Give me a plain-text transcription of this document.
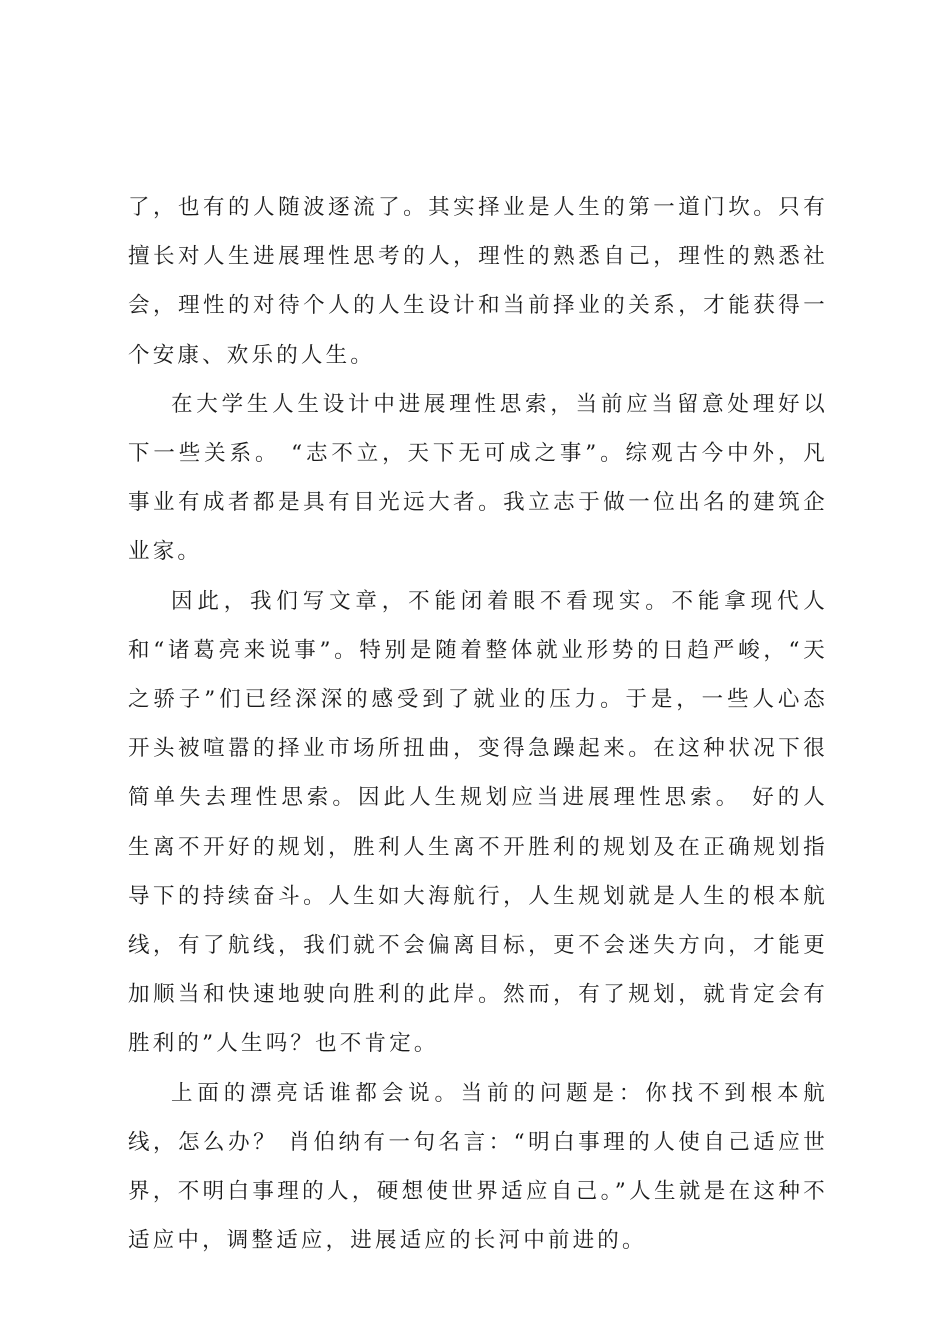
了，也有的人随波逐流了。其实择业是人生的第一道门坎。只有擅长对人生进展理性思考的人，理性的熟悉自己，理性的熟悉社会，理性的对待个人的人生设计和当前择业的关系，才能获得一个安康、欢乐的人生。

在大学生人生设计中进展理性思索，当前应当留意处理好以下一些关系。 “志不立，天下无可成之事”。综观古今中外，凡事业有成者都是具有目光远大者。我立志于做一位出名的建筑企业家。

因此，我们写文章，不能闭着眼不看现实。不能拿现代人和“诸葛亮来说事”。特别是随着整体就业形势的日趋严峻，“天之骄子”们已经深深的感受到了就业的压力。于是，一些人心态开头被喧嚣的择业市场所扭曲，变得急躁起来。在这种状况下很简单失去理性思索。因此人生规划应当进展理性思索。 好的人生离不开好的规划，胜利人生离不开胜利的规划及在正确规划指导下的持续奋斗。人生如大海航行，人生规划就是人生的根本航线，有了航线，我们就不会偏离目标，更不会迷失方向，才能更加顺当和快速地驶向胜利的此岸。然而，有了规划，就肯定会有胜利的”人生吗？也不肯定。

上面的漂亮话谁都会说。当前的问题是：你找不到根本航线，怎么办？ 肖伯纳有一句名言：“明白事理的人使自己适应世界，不明白事理的人，硬想使世界适应自己。”人生就是在这种不适应中，调整适应，进展适应的长河中前进的。
